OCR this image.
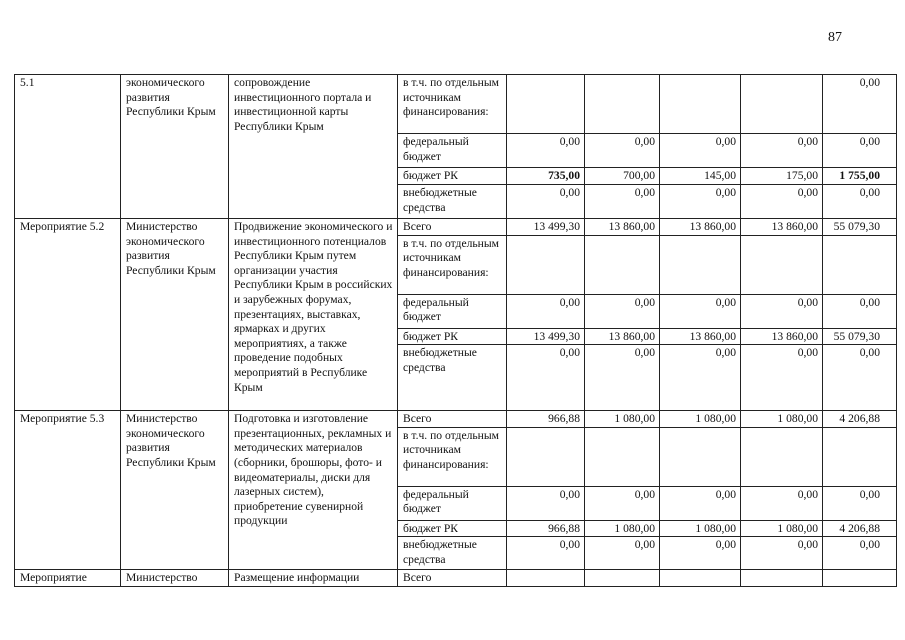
87
5.1	экономического развития Республики Крым	сопровождение инвестиционного портала и инвестиционной карты Республики Крым	в т.ч. по отдельным источникам финансирования:					0,00
			федеральный бюджет	0,00	0,00	0,00	0,00	0,00
			бюджет РК	735,00	700,00	145,00	175,00	1 755,00
			внебюджетные средства	0,00	0,00	0,00	0,00	0,00
Мероприятие 5.2	Министерство экономического развития Республики Крым	Продвижение экономического и инвестиционного потенциалов Республики Крым путем организации участия Республики Крым в российских и зарубежных форумах, презентациях, выставках, ярмарках и других мероприятиях, а также проведение подобных мероприятий в Республике Крым	Всего	13 499,30	13 860,00	13 860,00	13 860,00	55 079,30
			в т.ч. по отдельным источникам финансирования:					
			федеральный бюджет	0,00	0,00	0,00	0,00	0,00
			бюджет РК	13 499,30	13 860,00	13 860,00	13 860,00	55 079,30
			внебюджетные средства	0,00	0,00	0,00	0,00	0,00
Мероприятие 5.3	Министерство экономического развития Республики Крым	Подготовка и изготовление презентационных, рекламных и методических материалов (сборники, брошюры, фото- и видеоматериалы, диски для лазерных систем), приобретение сувенирной продукции	Всего	966,88	1 080,00	1 080,00	1 080,00	4 206,88
			в т.ч. по отдельным источникам финансирования:					
			федеральный бюджет	0,00	0,00	0,00	0,00	0,00
			бюджет РК	966,88	1 080,00	1 080,00	1 080,00	4 206,88
			внебюджетные средства	0,00	0,00	0,00	0,00	0,00
Мероприятие	Министерство	Размещение информации	Всего					
